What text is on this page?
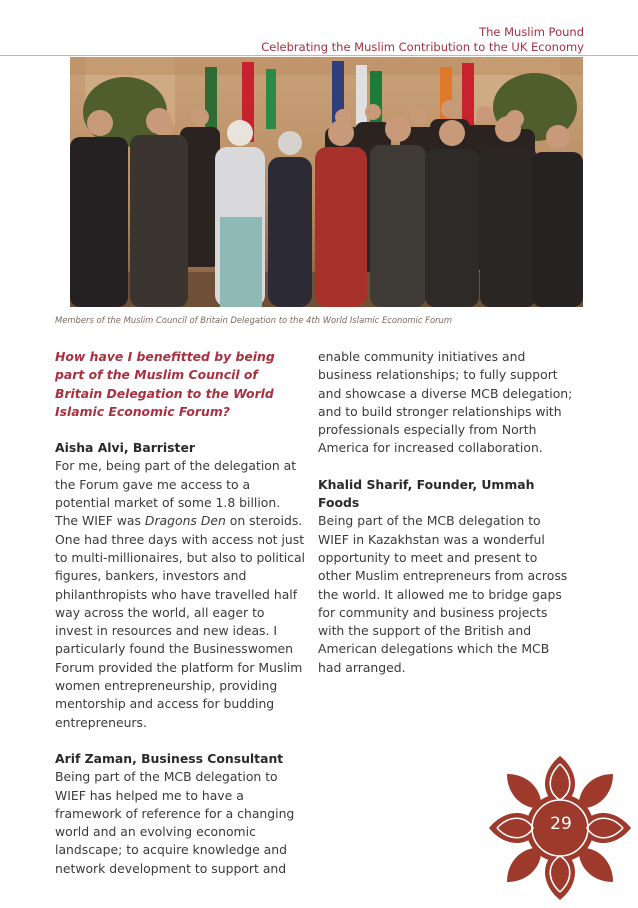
The Muslim Pound
Celebrating the Muslim Contribution to the UK Economy
Members of the Muslim Council of Britain Delegation to the 4th World Islamic Economic Forum

How have I benefitted by being part of the Muslim Council of Britain Delegation to the World Islamic Economic Forum?

Aisha Alvi, Barrister

For me, being part of the delegation at the Forum gave me access to a potential market of some 1.8 billion. The WIEF was Dragons Den on steroids. One had three days with access not just to multi-millionaires, but also to political figures, bankers, investors and philanthropists who have travelled half way across the world, all eager to invest in resources and new ideas. I particularly found the Businesswomen Forum provided the platform for Muslim women entrepreneurship, providing mentorship and access for budding entrepreneurs.

Arif Zaman, Business Consultant

Being part of the MCB delegation to WIEF has helped me to have a framework of reference for a changing world and an evolving economic landscape; to acquire knowledge and network development to support and

enable community initiatives and business relationships; to fully support and showcase a diverse MCB delegation; and to build stronger relationships with professionals especially from North America for increased collaboration.

Khalid Sharif, Founder, Ummah Foods

Being part of the MCB delegation to WIEF in Kazakhstan was a wonderful opportunity to meet and present to other Muslim entrepreneurs from across the world. It allowed me to bridge gaps for community and business projects with the support of the British and American delegations which the MCB had arranged.

29
